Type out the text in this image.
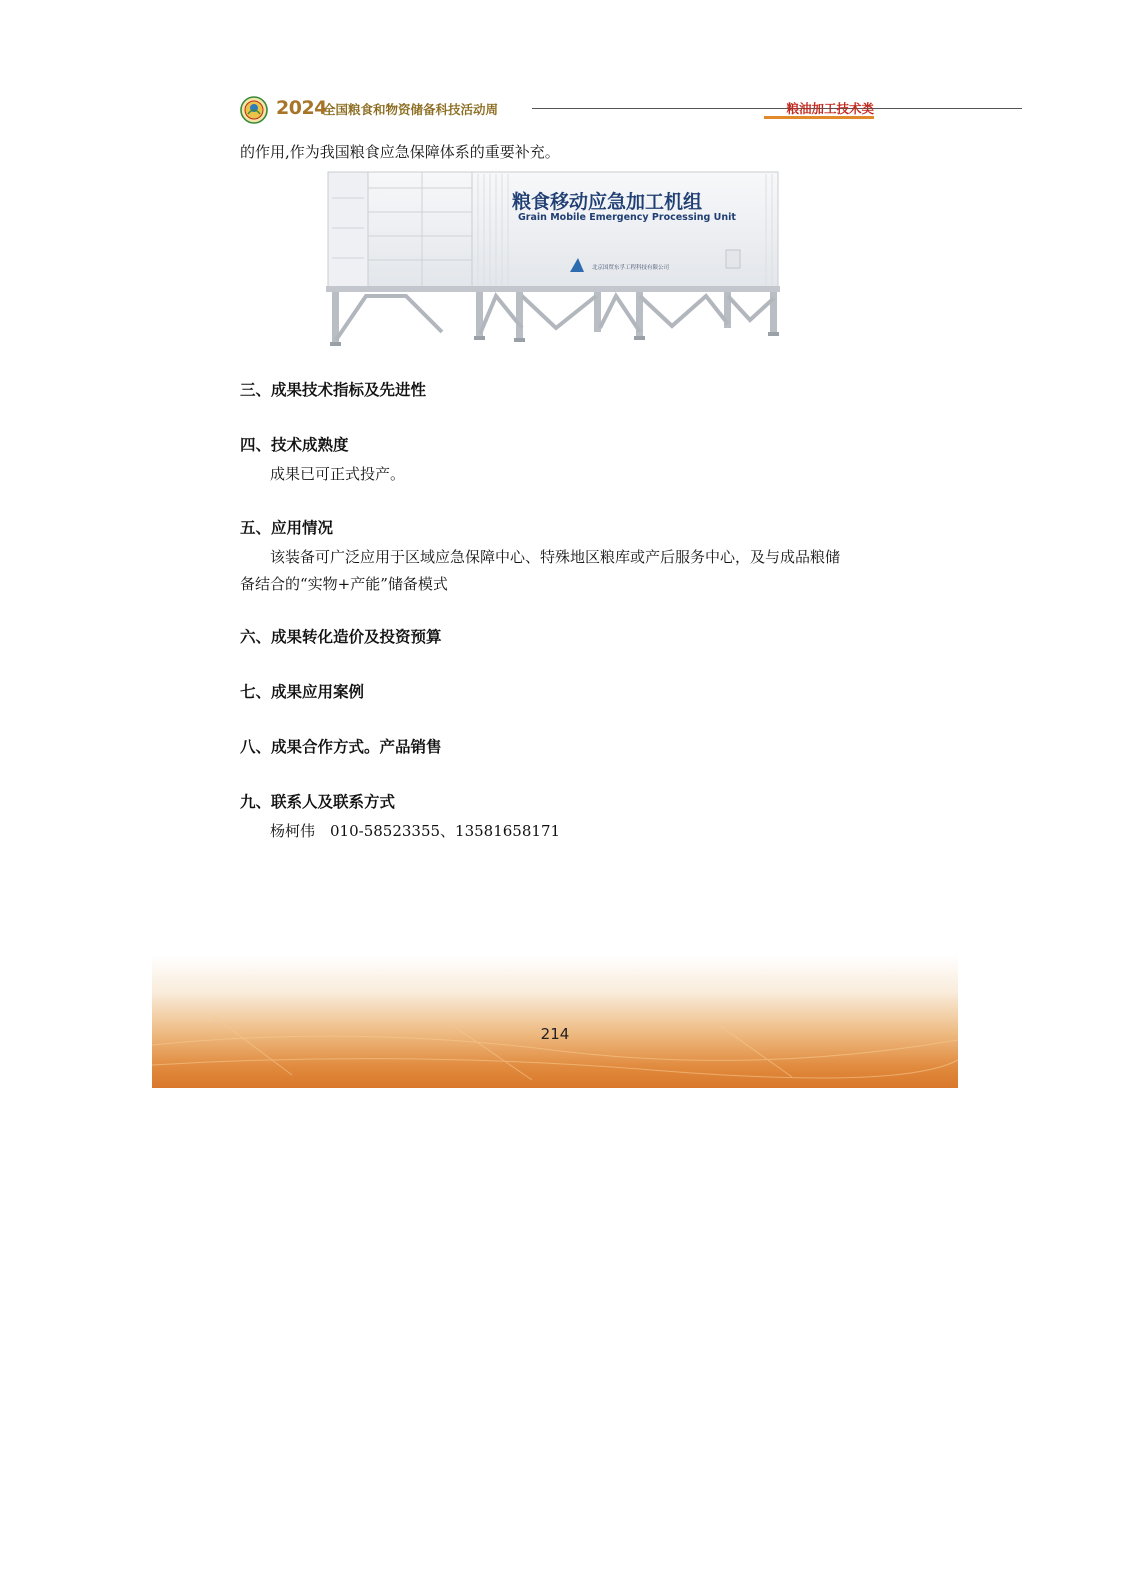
2024
全国粮食和物资储备科技活动周	粮油加工技术类
的作用,作为我国粮食应急保障体系的重要补充。
粮食移动应急加工机组
Grain Mobile Emergency Processing Unit
北京国贸东孚工程科技有限公司
三、成果技术指标及先进性
四、技术成熟度
成果已可正式投产。
五、应用情况
该装备可广泛应用于区域应急保障中心、特殊地区粮库或产后服务中心，及与成品粮储
备结合的“实物+产能”储备模式
六、成果转化造价及投资预算
七、成果应用案例
八、成果合作方式。产品销售
九、联系人及联系方式
杨柯伟　010-58523355、13581658171
214
